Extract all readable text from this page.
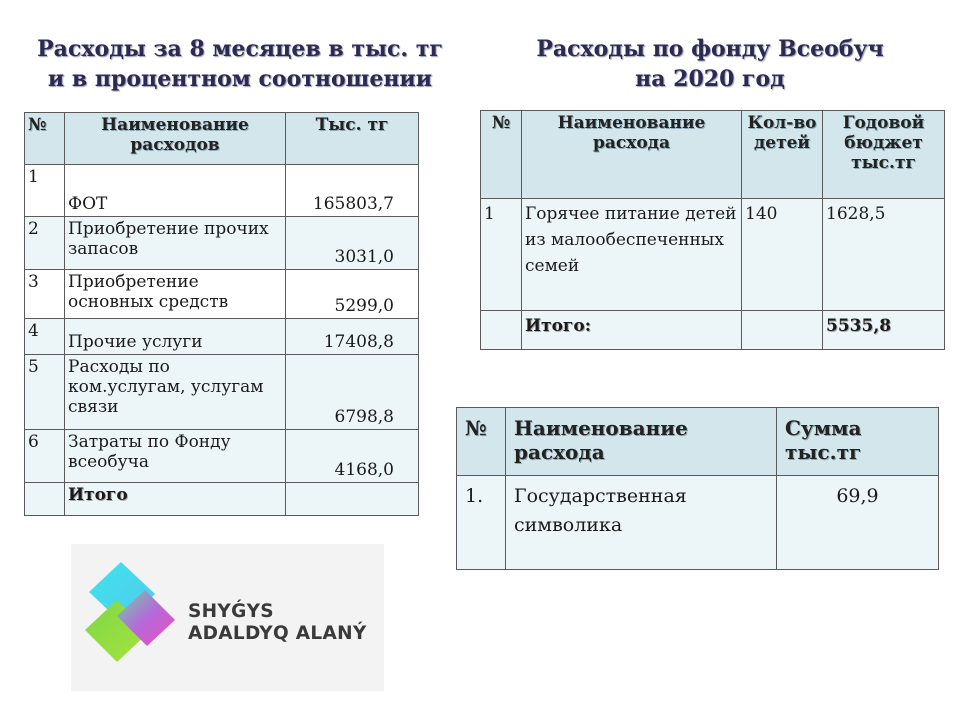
Расходы за 8 месяцев в тыс. тг
и в процентном соотношении
Расходы по фонду Всеобуч
на 2020 год
№	Наименование расходов	Тыс. тг
1	ФОТ	165803,7
2	Приобретение прочих запасов	3031,0
3	Приобретение основных средств	5299,0
4	Прочие услуги	17408,8
5	Расходы по ком.услугам, услугам связи	6798,8
6	Затраты по Фонду всеобуча	4168,0
	Итого	
№	Наименование расхода	Кол-во детей	Годовой бюджет тыс.тг
1	Горячее питание детей из малообеспеченных семей	140	1628,5
	Итого:		5535,8
№	Наименование расхода	Сумма тыс.тг
1.	Государственная символика	69,9
SHYǴYS
ADALDYQ ALANÝ
